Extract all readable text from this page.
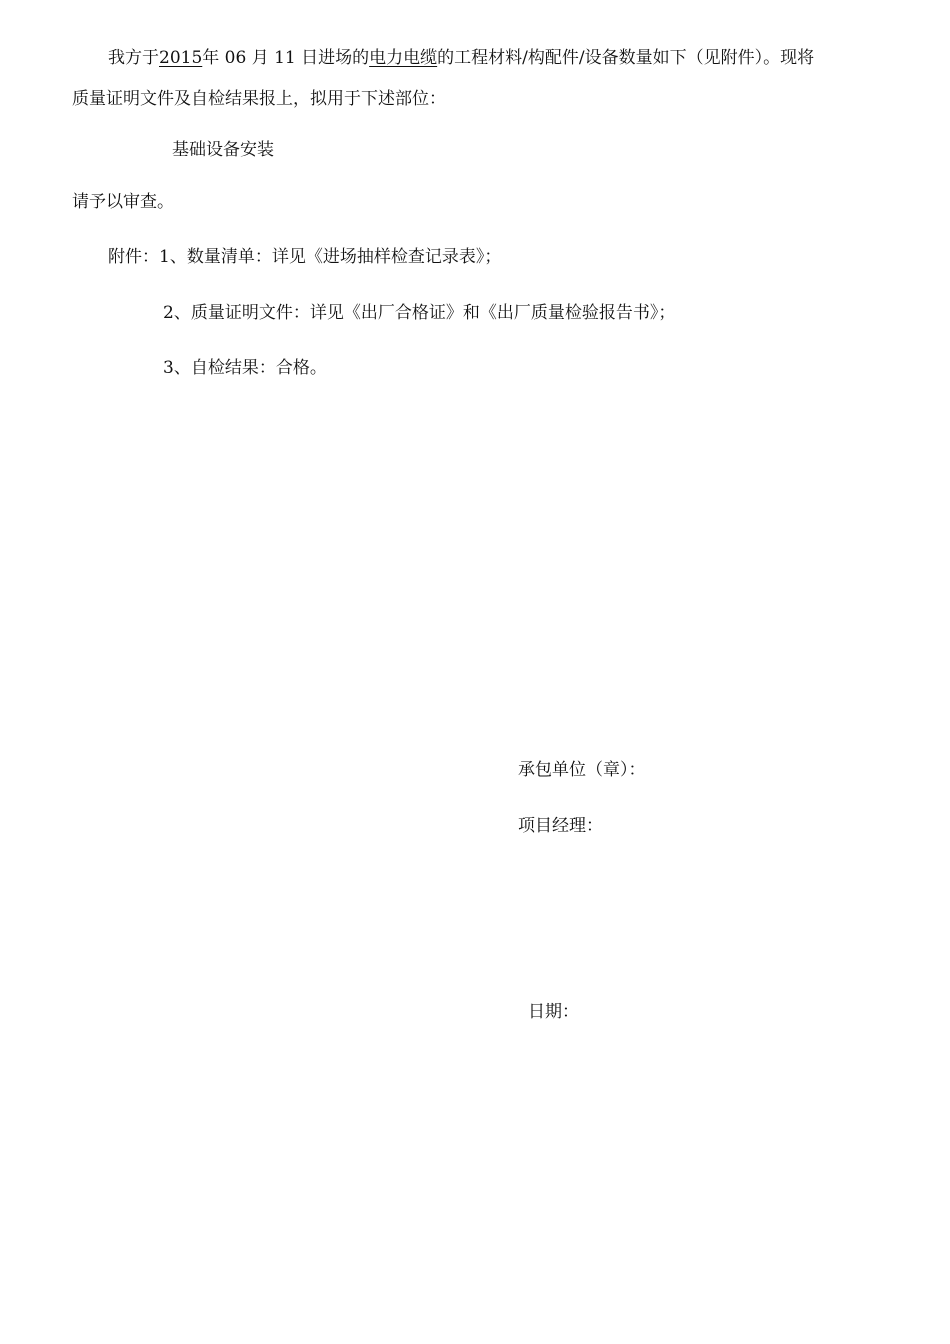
我方于2015年 06 月 11 日进场的电力电缆的工程材料/构配件/设备数量如下（见附件）。现将
质量证明文件及自检结果报上，拟用于下述部位：
基础设备安装
请予以审查。
附件：1、数量清单：详见《进场抽样检查记录表》；
2、质量证明文件：详见《出厂合格证》和《出厂质量检验报告书》；
3、自检结果：合格。
承包单位（章）：
项目经理：
日期：
